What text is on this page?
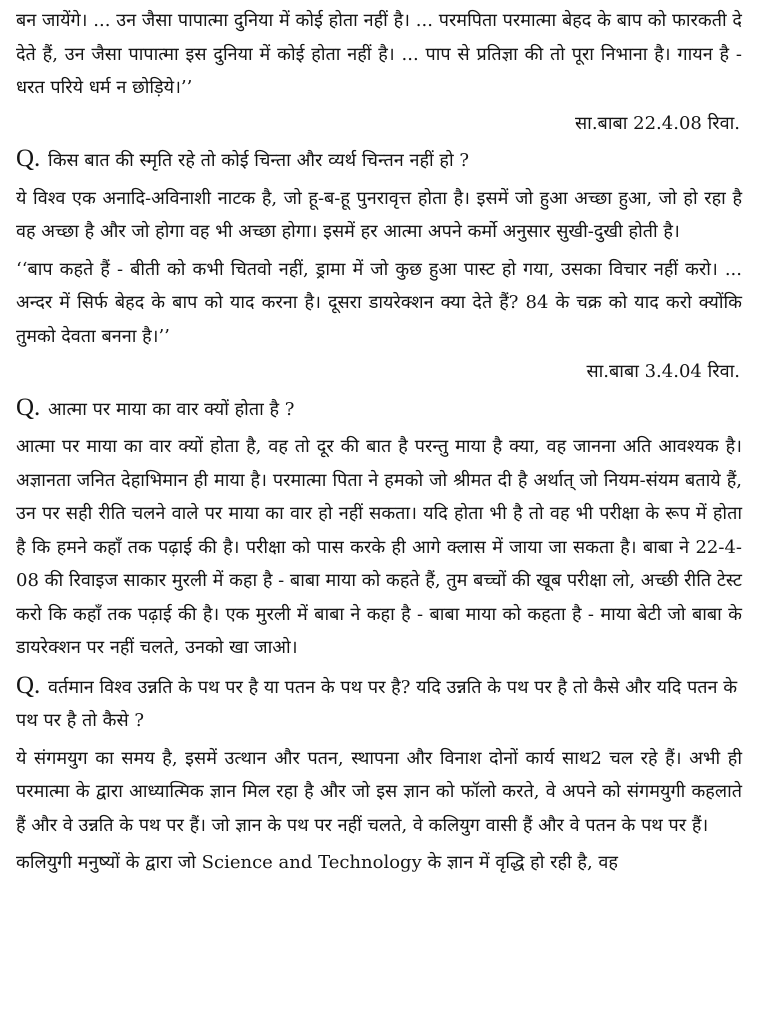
बन जायेंगे। ... उन जैसा पापात्मा दुनिया में कोई होता नहीं है। ... परमपिता परमात्मा बेहद के बाप को फारकती दे देते हैं, उन जैसा पापात्मा इस दुनिया में कोई होता नहीं है। ... पाप से प्रतिज्ञा की तो पूरा निभाना है। गायन है - धरत परिये धर्म न छोड़िये।’’

सा.बाबा 22.4.08 रिवा.

Q. किस बात की स्मृति रहे तो कोई चिन्ता और व्यर्थ चिन्तन नहीं हो ?

ये विश्व एक अनादि-अविनाशी नाटक है, जो हू-ब-हू पुनरावृत्त होता है। इसमें जो हुआ अच्छा हुआ, जो हो रहा है वह अच्छा है और जो होगा वह भी अच्छा होगा। इसमें हर आत्मा अपने कर्मो अनुसार सुखी-दुखी होती है।

‘‘बाप कहते हैं - बीती को कभी चितवो नहीं, ड्रामा में जो कुछ हुआ पास्ट हो गया, उसका विचार नहीं करो। ... अन्दर में सिर्फ बेहद के बाप को याद करना है। दूसरा डायरेक्शन क्या देते हैं? 84 के चक्र को याद करो क्योंकि तुमको देवता बनना है।’’

सा.बाबा 3.4.04 रिवा.

Q. आत्मा पर माया का वार क्यों होता है ?

आत्मा पर माया का वार क्यों होता है, वह तो दूर की बात है परन्तु माया है क्या, वह जानना अति आवश्यक है। अज्ञानता जनित देहाभिमान ही माया है। परमात्मा पिता ने हमको जो श्रीमत दी है अर्थात् जो नियम-संयम बताये हैं, उन पर सही रीति चलने वाले पर माया का वार हो नहीं सकता। यदि होता भी है तो वह भी परीक्षा के रूप में होता है कि हमने कहाँ तक पढ़ाई की है। परीक्षा को पास करके ही आगे क्लास में जाया जा सकता है। बाबा ने 22-4-08 की रिवाइज साकार मुरली में कहा है - बाबा माया को कहते हैं, तुम बच्चों की खूब परीक्षा लो, अच्छी रीति टेस्ट करो कि कहाँ तक पढ़ाई की है। एक मुरली में बाबा ने कहा है - बाबा माया को कहता है - माया बेटी जो बाबा के डायरेक्शन पर नहीं चलते, उनको खा जाओ।

Q. वर्तमान विश्व उन्नति के पथ पर है या पतन के पथ पर है? यदि उन्नति के पथ पर है तो कैसे और यदि पतन के पथ पर है तो कैसे ?

ये संगमयुग का समय है, इसमें उत्थान और पतन, स्थापना और विनाश दोनों कार्य साथ2 चल रहे हैं। अभी ही परमात्मा के द्वारा आध्यात्मिक ज्ञान मिल रहा है और जो इस ज्ञान को फॉलो करते, वे अपने को संगमयुगी कहलाते हैं और वे उन्नति के पथ पर हैं। जो ज्ञान के पथ पर नहीं चलते, वे कलियुग वासी हैं और वे पतन के पथ पर हैं।

कलियुगी मनुष्यों के द्वारा जो Science and Technology के ज्ञान में वृद्धि हो रही है, वह
